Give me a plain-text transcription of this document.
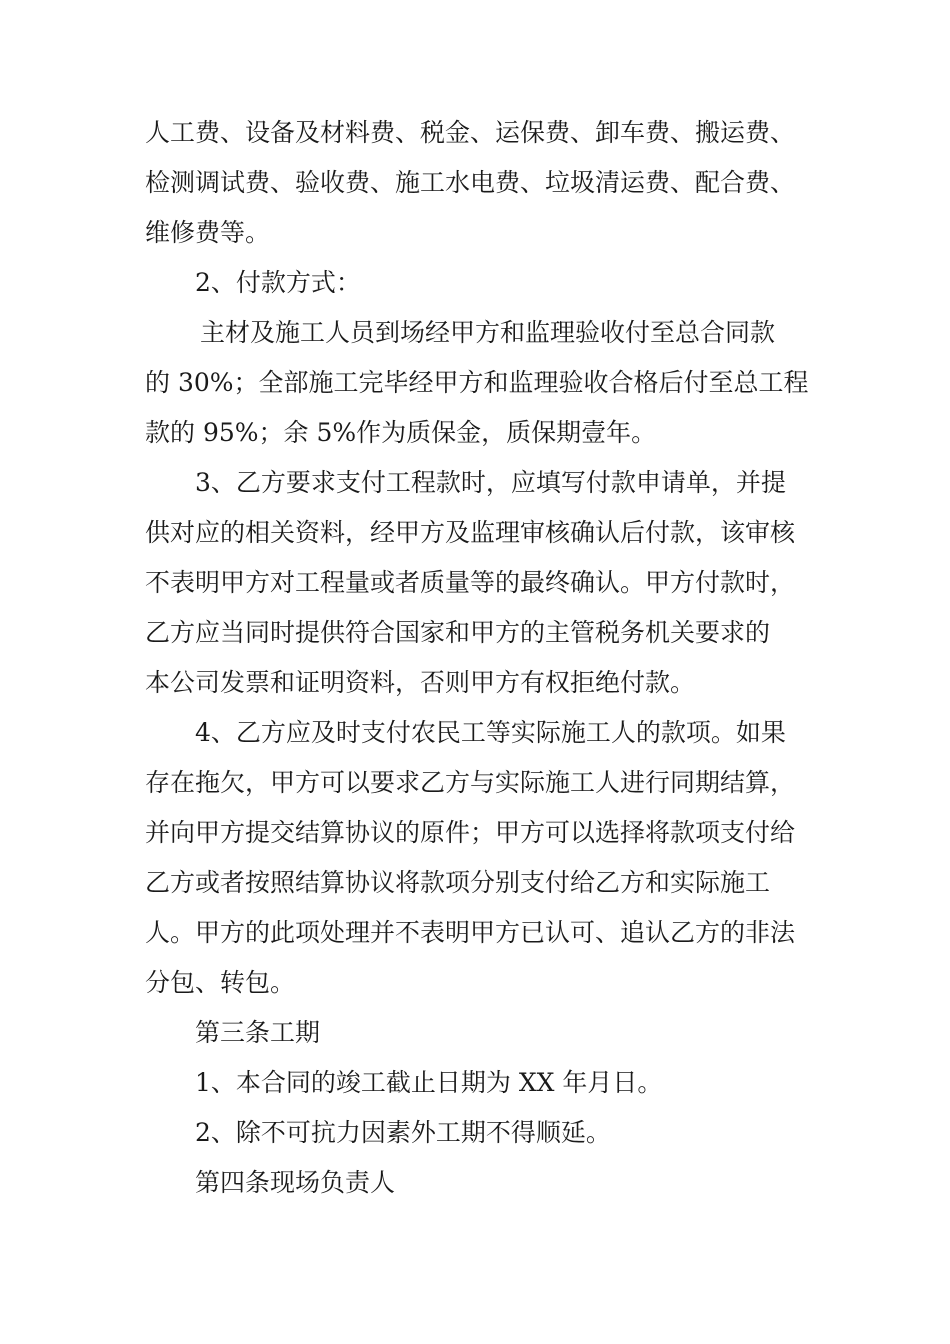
人工费、设备及材料费、税金、运保费、卸车费、搬运费、
检测调试费、验收费、施工水电费、垃圾清运费、配合费、
维修费等。
2、付款方式：
主材及施工人员到场经甲方和监理验收付至总合同款
的 30%；全部施工完毕经甲方和监理验收合格后付至总工程
款的 95%；余 5%作为质保金，质保期壹年。
3、乙方要求支付工程款时，应填写付款申请单，并提
供对应的相关资料，经甲方及监理审核确认后付款，该审核
不表明甲方对工程量或者质量等的最终确认。甲方付款时，
乙方应当同时提供符合国家和甲方的主管税务机关要求的
本公司发票和证明资料，否则甲方有权拒绝付款。
4、乙方应及时支付农民工等实际施工人的款项。如果
存在拖欠，甲方可以要求乙方与实际施工人进行同期结算，
并向甲方提交结算协议的原件；甲方可以选择将款项支付给
乙方或者按照结算协议将款项分别支付给乙方和实际施工
人。甲方的此项处理并不表明甲方已认可、追认乙方的非法
分包、转包。
第三条工期
1、本合同的竣工截止日期为 XX 年月日。
2、除不可抗力因素外工期不得顺延。
第四条现场负责人
